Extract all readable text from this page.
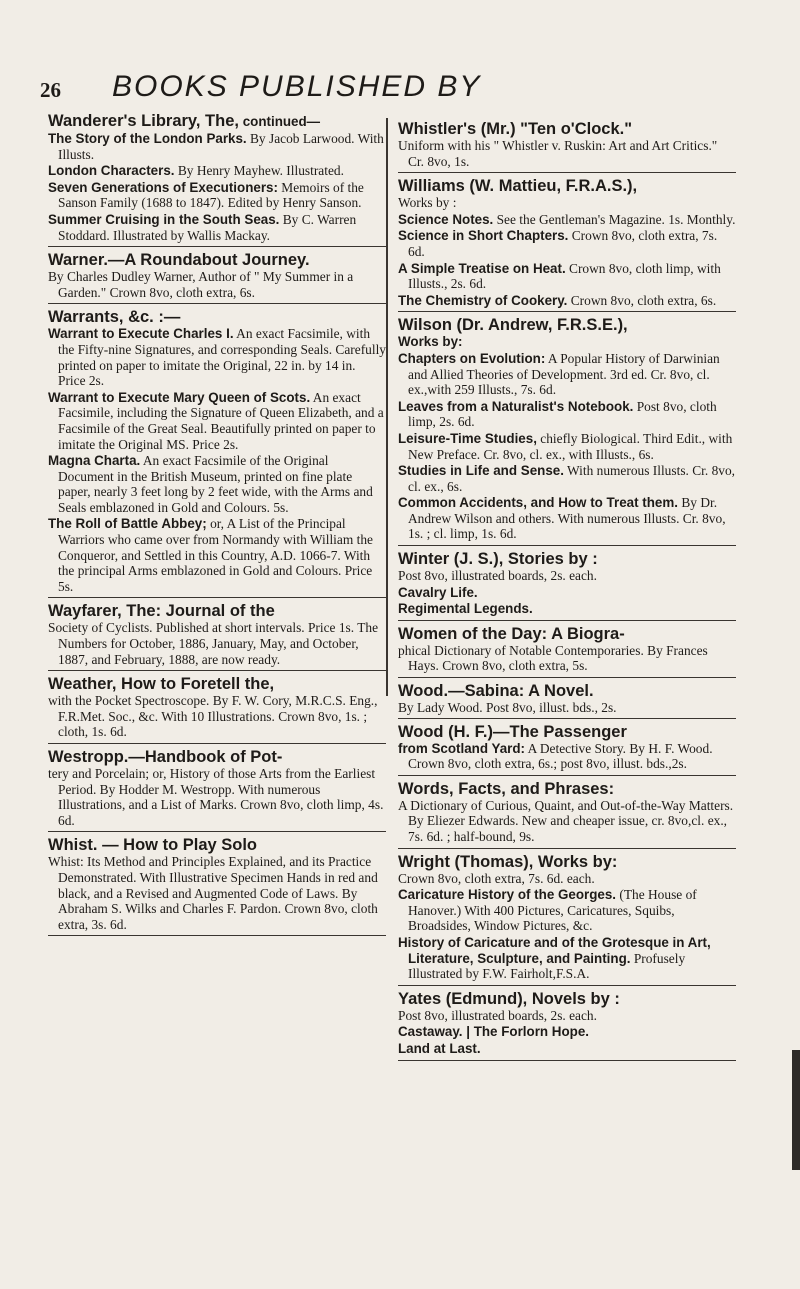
26 BOOKS PUBLISHED BY
Wanderer's Library, The, continued—
The Story of the London Parks. By Jacob Larwood. With Illusts.
London Characters. By Henry Mayhew. Illustrated.
Seven Generations of Executioners: Memoirs of the Sanson Family (1688 to 1847). Edited by Henry Sanson.
Summer Cruising in the South Seas. By C. Warren Stoddard. Illustrated by Wallis Mackay.
Warner.—A Roundabout Journey.
By Charles Dudley Warner, Author of " My Summer in a Garden." Crown 8vo, cloth extra, 6s.
Warrants, &c. :—
Warrant to Execute Charles I. An exact Facsimile, with the Fifty-nine Signatures, and corresponding Seals. Carefully printed on paper to imitate the Original, 22 in. by 14 in. Price 2s.
Warrant to Execute Mary Queen of Scots. An exact Facsimile, including the Signature of Queen Elizabeth, and a Facsimile of the Great Seal. Beautifully printed on paper to imitate the Original MS. Price 2s.
Magna Charta. An exact Facsimile of the Original Document in the British Museum, printed on fine plate paper, nearly 3 feet long by 2 feet wide, with the Arms and Seals emblazoned in Gold and Colours. 5s.
The Roll of Battle Abbey; or, A List of the Principal Warriors who came over from Normandy with William the Conqueror, and Settled in this Country, A.D. 1066-7. With the principal Arms emblazoned in Gold and Colours. Price 5s.
Wayfarer, The: Journal of the
Society of Cyclists. Published at short intervals. Price 1s. The Numbers for October, 1886, January, May, and October, 1887, and February, 1888, are now ready.
Weather, How to Foretell the,
with the Pocket Spectroscope. By F. W. Cory, M.R.C.S. Eng., F.R.Met. Soc., &c. With 10 Illustrations. Crown 8vo, 1s. ; cloth, 1s. 6d.
Westropp.—Handbook of Pot-
tery and Porcelain; or, History of those Arts from the Earliest Period. By Hodder M. Westropp. With numerous Illustrations, and a List of Marks. Crown 8vo, cloth limp, 4s. 6d.
Whist. — How to Play Solo
Whist: Its Method and Principles Explained, and its Practice Demonstrated. With Illustrative Specimen Hands in red and black, and a Revised and Augmented Code of Laws. By Abraham S. Wilks and Charles F. Pardon. Crown 8vo, cloth extra, 3s. 6d.
Whistler's (Mr.) "Ten o'Clock."
Uniform with his " Whistler v. Ruskin: Art and Art Critics." Cr. 8vo, 1s.
Williams (W. Mattieu, F.R.A.S.),
Works by :
Science Notes. See the Gentleman's Magazine. 1s. Monthly.
Science in Short Chapters. Crown 8vo, cloth extra, 7s. 6d.
A Simple Treatise on Heat. Crown 8vo, cloth limp, with Illusts., 2s. 6d.
The Chemistry of Cookery. Crown 8vo, cloth extra, 6s.
Wilson (Dr. Andrew, F.R.S.E.),
Works by:
Chapters on Evolution: A Popular History of Darwinian and Allied Theories of Development. 3rd ed. Cr. 8vo, cl. ex.,with 259 Illusts., 7s. 6d.
Leaves from a Naturalist's Notebook. Post 8vo, cloth limp, 2s. 6d.
Leisure-Time Studies, chiefly Biological. Third Edit., with New Preface. Cr. 8vo, cl. ex., with Illusts., 6s.
Studies in Life and Sense. With numerous Illusts. Cr. 8vo, cl. ex., 6s.
Common Accidents, and How to Treat them. By Dr. Andrew Wilson and others. With numerous Illusts. Cr. 8vo, 1s. ; cl. limp, 1s. 6d.
Winter (J. S.), Stories by :
Post 8vo, illustrated boards, 2s. each.
Cavalry Life.
Regimental Legends.
Women of the Day: A Biogra-
phical Dictionary of Notable Contemporaries. By Frances Hays. Crown 8vo, cloth extra, 5s.
Wood.—Sabina: A Novel.
By Lady Wood. Post 8vo, illust. bds., 2s.
Wood (H. F.)—The Passenger
from Scotland Yard: A Detective Story. By H. F. Wood. Crown 8vo, cloth extra, 6s.; post 8vo, illust. bds.,2s.
Words, Facts, and Phrases:
A Dictionary of Curious, Quaint, and Out-of-the-Way Matters. By Eliezer Edwards. New and cheaper issue, cr. 8vo,cl. ex., 7s. 6d. ; half-bound, 9s.
Wright (Thomas), Works by:
Crown 8vo, cloth extra, 7s. 6d. each.
Caricature History of the Georges. (The House of Hanover.) With 400 Pictures, Caricatures, Squibs, Broadsides, Window Pictures, &c.
History of Caricature and of the Grotesque in Art, Literature, Sculpture, and Painting. Profusely Illustrated by F.W. Fairholt,F.S.A.
Yates (Edmund), Novels by :
Post 8vo, illustrated boards, 2s. each.
Castaway. | The Forlorn Hope.
Land at Last.
